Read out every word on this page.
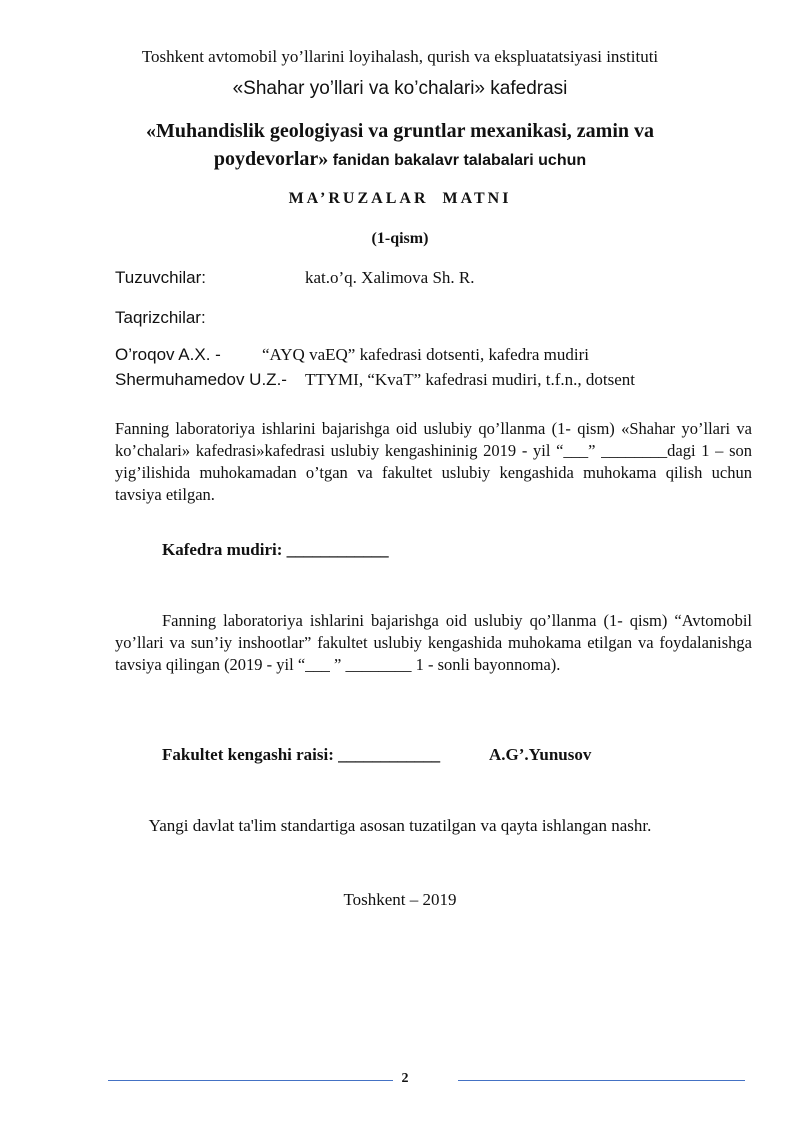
Toshkent avtomobil yo’llarini loyihalash, qurish va ekspluatatsiyasi instituti
«Shahar yo’llari va ko’chalari» kafedrasi
«Muhandislik geologiyasi va gruntlar mexanikasi, zamin va
poydevorlar» fanidan bakalavr talabalari uchun
MA’RUZALAR  MATNI
(1-qism)
Tuzuvchilar:	kat.o’q. Xalimova Sh. R.
Taqrizchilar:
O’roqov A.X. - “AYQ vaEQ” kafedrasi dotsenti, kafedra mudiri
Shermuhamedov U.Z.- TTYMI, “KvaT” kafedrasi mudiri, t.f.n., dotsent
Fanning laboratoriya ishlarini bajarishga oid uslubiy qo’llanma (1- qism) «Shahar yo’llari va ko’chalari» kafedrasi»kafedrasi uslubiy kengashininig 2019 - yil “___” ________dagi 1 – son yig’ilishida muhokamadan o’tgan va fakultet uslubiy kengashida muhokama qilish uchun tavsiya etilgan.
Kafedra mudiri: ____________
Fanning laboratoriya ishlarini bajarishga oid uslubiy qo’llanma (1- qism) “Avtomobil yo’llari va sun’iy inshootlar” fakultet uslubiy kengashida muhokama etilgan va foydalanishga tavsiya qilingan (2019 - yil “___ ” ________ 1 - sonli bayonnoma).
Fakultet kengashi raisi: ____________	A.G’.Yunusov
Yangi davlat ta'lim standartiga asosan tuzatilgan va qayta ishlangan nashr.
Toshkent – 2019
2
